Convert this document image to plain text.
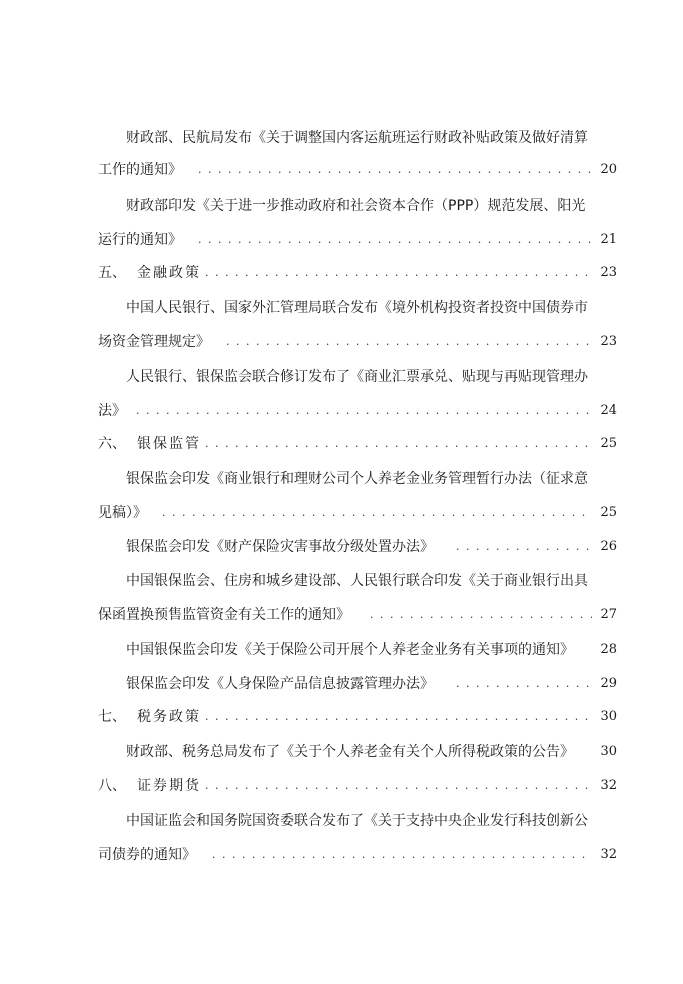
财政部、民航局发布《关于调整国内客运航班运行财政补贴政策及做好清算
工作的通知》 . . .	20
财政部印发《关于进一步推动政府和社会资本合作（PPP）规范发展、阳光
运行的通知》 . . .	21
五、 金融政策 . . .	23
中国人民银行、国家外汇管理局联合发布《境外机构投资者投资中国债券市
场资金管理规定》 . . .	23
人民银行、银保监会联合修订发布了《商业汇票承兑、贴现与再贴现管理办
法》 . . .	24
六、 银保监管 . . .	25
银保监会印发《商业银行和理财公司个人养老金业务管理暂行办法（征求意
见稿）》 . . .	25
银保监会印发《财产保险灾害事故分级处置办法》 . . .	26
中国银保监会、住房和城乡建设部、人民银行联合印发《关于商业银行出具
保函置换预售监管资金有关工作的通知》 . . .	27
中国银保监会印发《关于保险公司开展个人养老金业务有关事项的通知》 28
银保监会印发《人身保险产品信息披露管理办法》 . . .	29
七、 税务政策 . . .	30
财政部、税务总局发布了《关于个人养老金有关个人所得税政策的公告》 30
八、 证券期货 . . .	32
中国证监会和国务院国资委联合发布了《关于支持中央企业发行科技创新公
司债券的通知》 . . .	32
